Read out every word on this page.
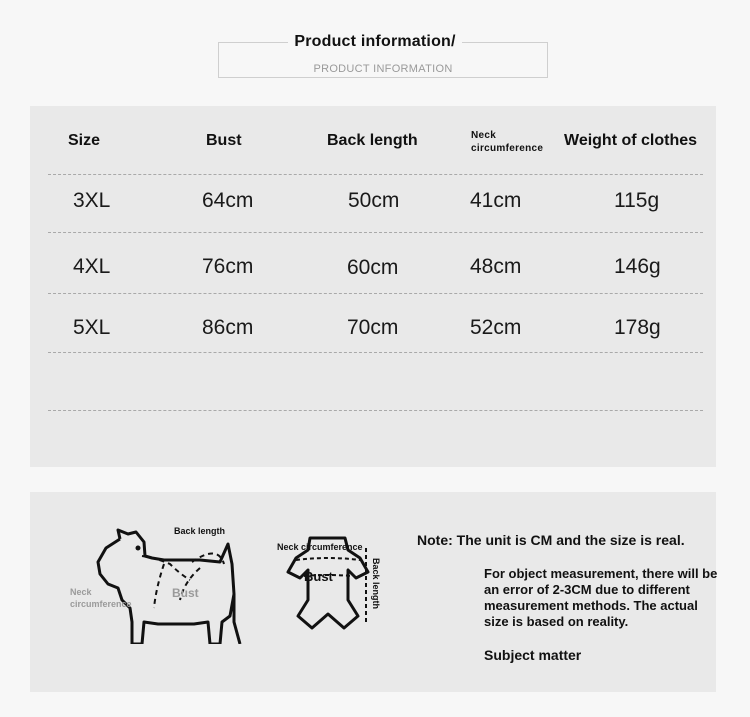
Product information/
PRODUCT INFORMATION
Size	Bust	Back length	Neck circumference	Weight of clothes
3XL	64cm	50cm	41cm	115g
4XL	76cm	60cm	48cm	146g
5XL	86cm	70cm	52cm	178g
Back length
Bust
Neck circumference
Neck circumference
Bust	Back length
Note: The unit is CM and the size is real.
For object measurement, there will be an error of 2-3CM due to different measurement methods. The actual size is based on reality.
Subject matter
